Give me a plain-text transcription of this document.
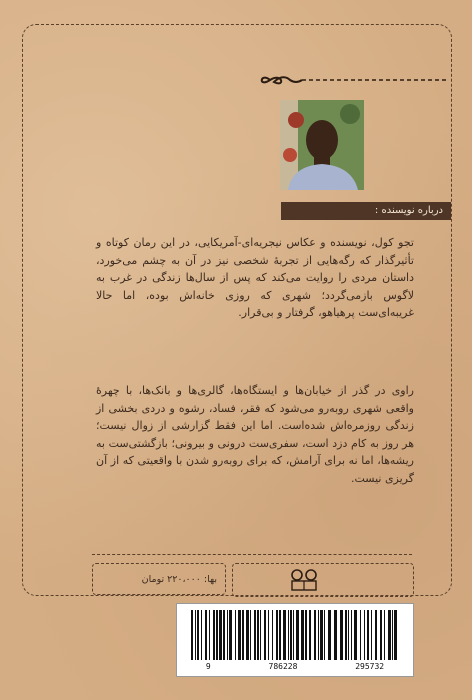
درباره نویسنده :
تجو کول، نویسنده و عکاس نیجریه‌ای-آمریکایی، در این رمان کوتاه و تأثیرگذار که رگه‌هایی از تجربهٔ شخصی نیز در آن به چشم می‌خورد، داستان مردی را روایت می‌کند که پس از سال‌ها زندگی در غرب به لاگوس بازمی‌گردد؛ شهری که روزی خانه‌اش بوده، اما حالا غریبه‌ای‌ست پرهیاهو، گرفتار و بی‌قرار.
راوی در گذر از خیابان‌ها و ایستگاه‌ها، گالری‌ها و بانک‌ها، با چهرهٔ واقعی شهری روبه‌رو می‌شود که فقر، فساد، رشوه و دردی بخشی از زندگی روزمره‌اش شده‌است. اما این فقط گزارشی از زوال نیست؛ هر روز به کام دزد است، سفری‌ست درونی و بیرونی؛ بازگشتی‌ست به ریشه‌ها، اما نه برای آرامش، که برای روبه‌رو شدن با واقعیتی که از آن گریزی نیست.
بها: ۲۲۰،۰۰۰ تومان
9	786228	295732
